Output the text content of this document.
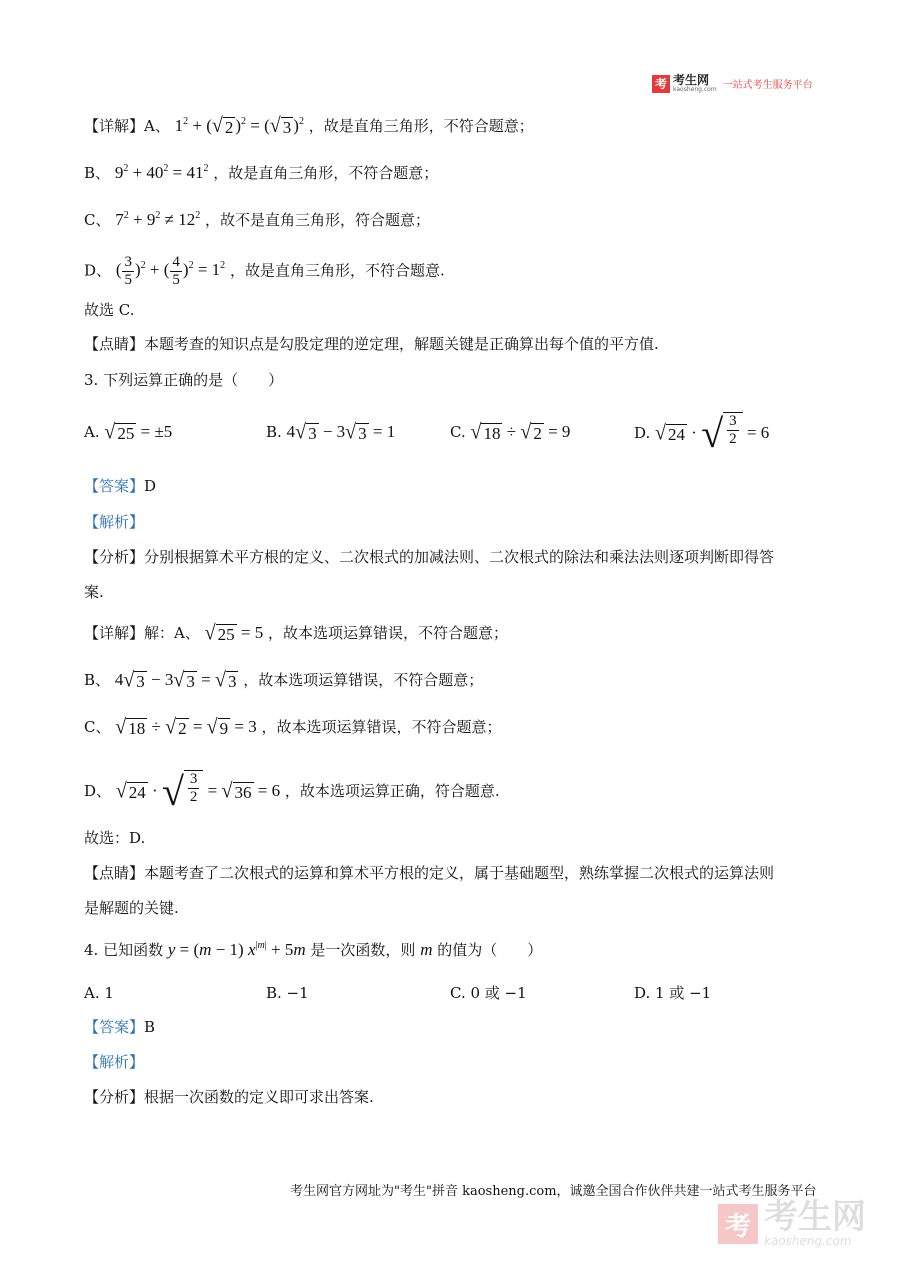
考 考生网
kaosheng.com 一站式考生服务平台
【详解】A、 $1^2$ + ( √ 2 )$^2$ = ( √ 3 )$^2$ ，故是直角三角形，不符合题意；
B、 $9^2 + 40^2 = 41^2$ ，故是直角三角形，不符合题意；
C、 $7^2 + 9^2 \ne 12^2$ ，故不是直角三角形，符合题意；
D、 ( $\frac{3}{5} )^2$ + ( $\frac{4}{5} )^2 = 1^2$ ，故是直角三角形，不符合题意.
故选 C.
【点睛】本题考查的知识点是勾股定理的逆定理，解题关键是正确算出每个值的平方值.
3. 下列运算正确的是（　　）
A. √ 25 = ±5	B. 4 √ 3 − 3 √ 3 = 1	C. √ 18 ÷ √ 2 = 9	D. √ 24 · √ $\frac{3}{2} = 6$
【答案】D
【解析】
【分析】分别根据算术平方根的定义、二次根式的加减法则、二次根式的除法和乘法法则逐项判断即得答
案.
【详解】解：A、 √ 25 = 5 ，故本选项运算错误，不符合题意；
B、 4 √ 3 − 3 √ 3 = √ 3 ，故本选项运算错误，不符合题意；
C、 √ 18 ÷ √ 2 = √ 9 = 3 ，故本选项运算错误，不符合题意；
D、 √ 24 · √ $\frac{3}{2}$ = √ 36 = 6 ，故本选项运算正确，符合题意.
故选：D.
【点睛】本题考查了二次根式的运算和算术平方根的定义，属于基础题型，熟练掌握二次根式的运算法则
是解题的关键.
4. 已知函数 y = (m − 1) $x^{|m|} + 5m$ 是一次函数，则 m 的值为（　　）
A. 1	B. −1	C. 0 或 −1	D. 1 或 −1
【答案】B
【解析】
【分析】根据一次函数的定义即可求出答案.
考生网官方网址为"考生"拼音 kaosheng.com，诚邀全国合作伙伴共建一站式考生服务平台
考 考生网
kaosheng.com
